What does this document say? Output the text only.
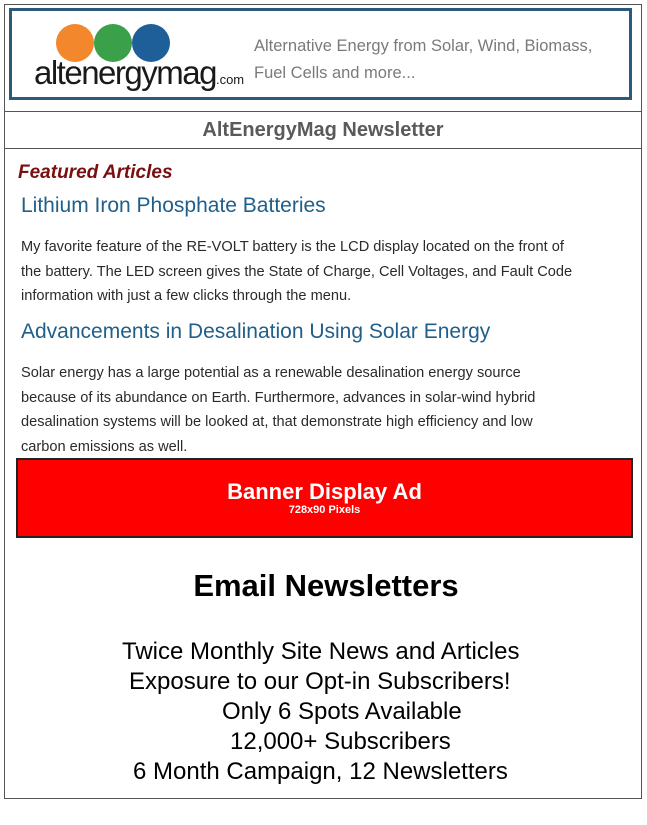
altenergymag.com
Alternative Energy from Solar, Wind, Biomass,
Fuel Cells and more...
AltEnergyMag Newsletter
Featured Articles
Lithium Iron Phosphate Batteries
My favorite feature of the RE-VOLT battery is the LCD display located on the front of
the battery. The LED screen gives the State of Charge, Cell Voltages, and Fault Code
information with just a few clicks through the menu.
Advancements in Desalination Using Solar Energy
Solar energy has a large potential as a renewable desalination energy source
because of its abundance on Earth. Furthermore, advances in solar-wind hybrid
desalination systems will be looked at, that demonstrate high efficiency and low
carbon emissions as well.
Banner Display Ad
728x90 Pixels
Email Newsletters
Twice Monthly Site News and Articles
Exposure to our Opt-in Subscribers!
Only 6 Spots Available
12,000+ Subscribers
6 Month Campaign, 12 Newsletters
